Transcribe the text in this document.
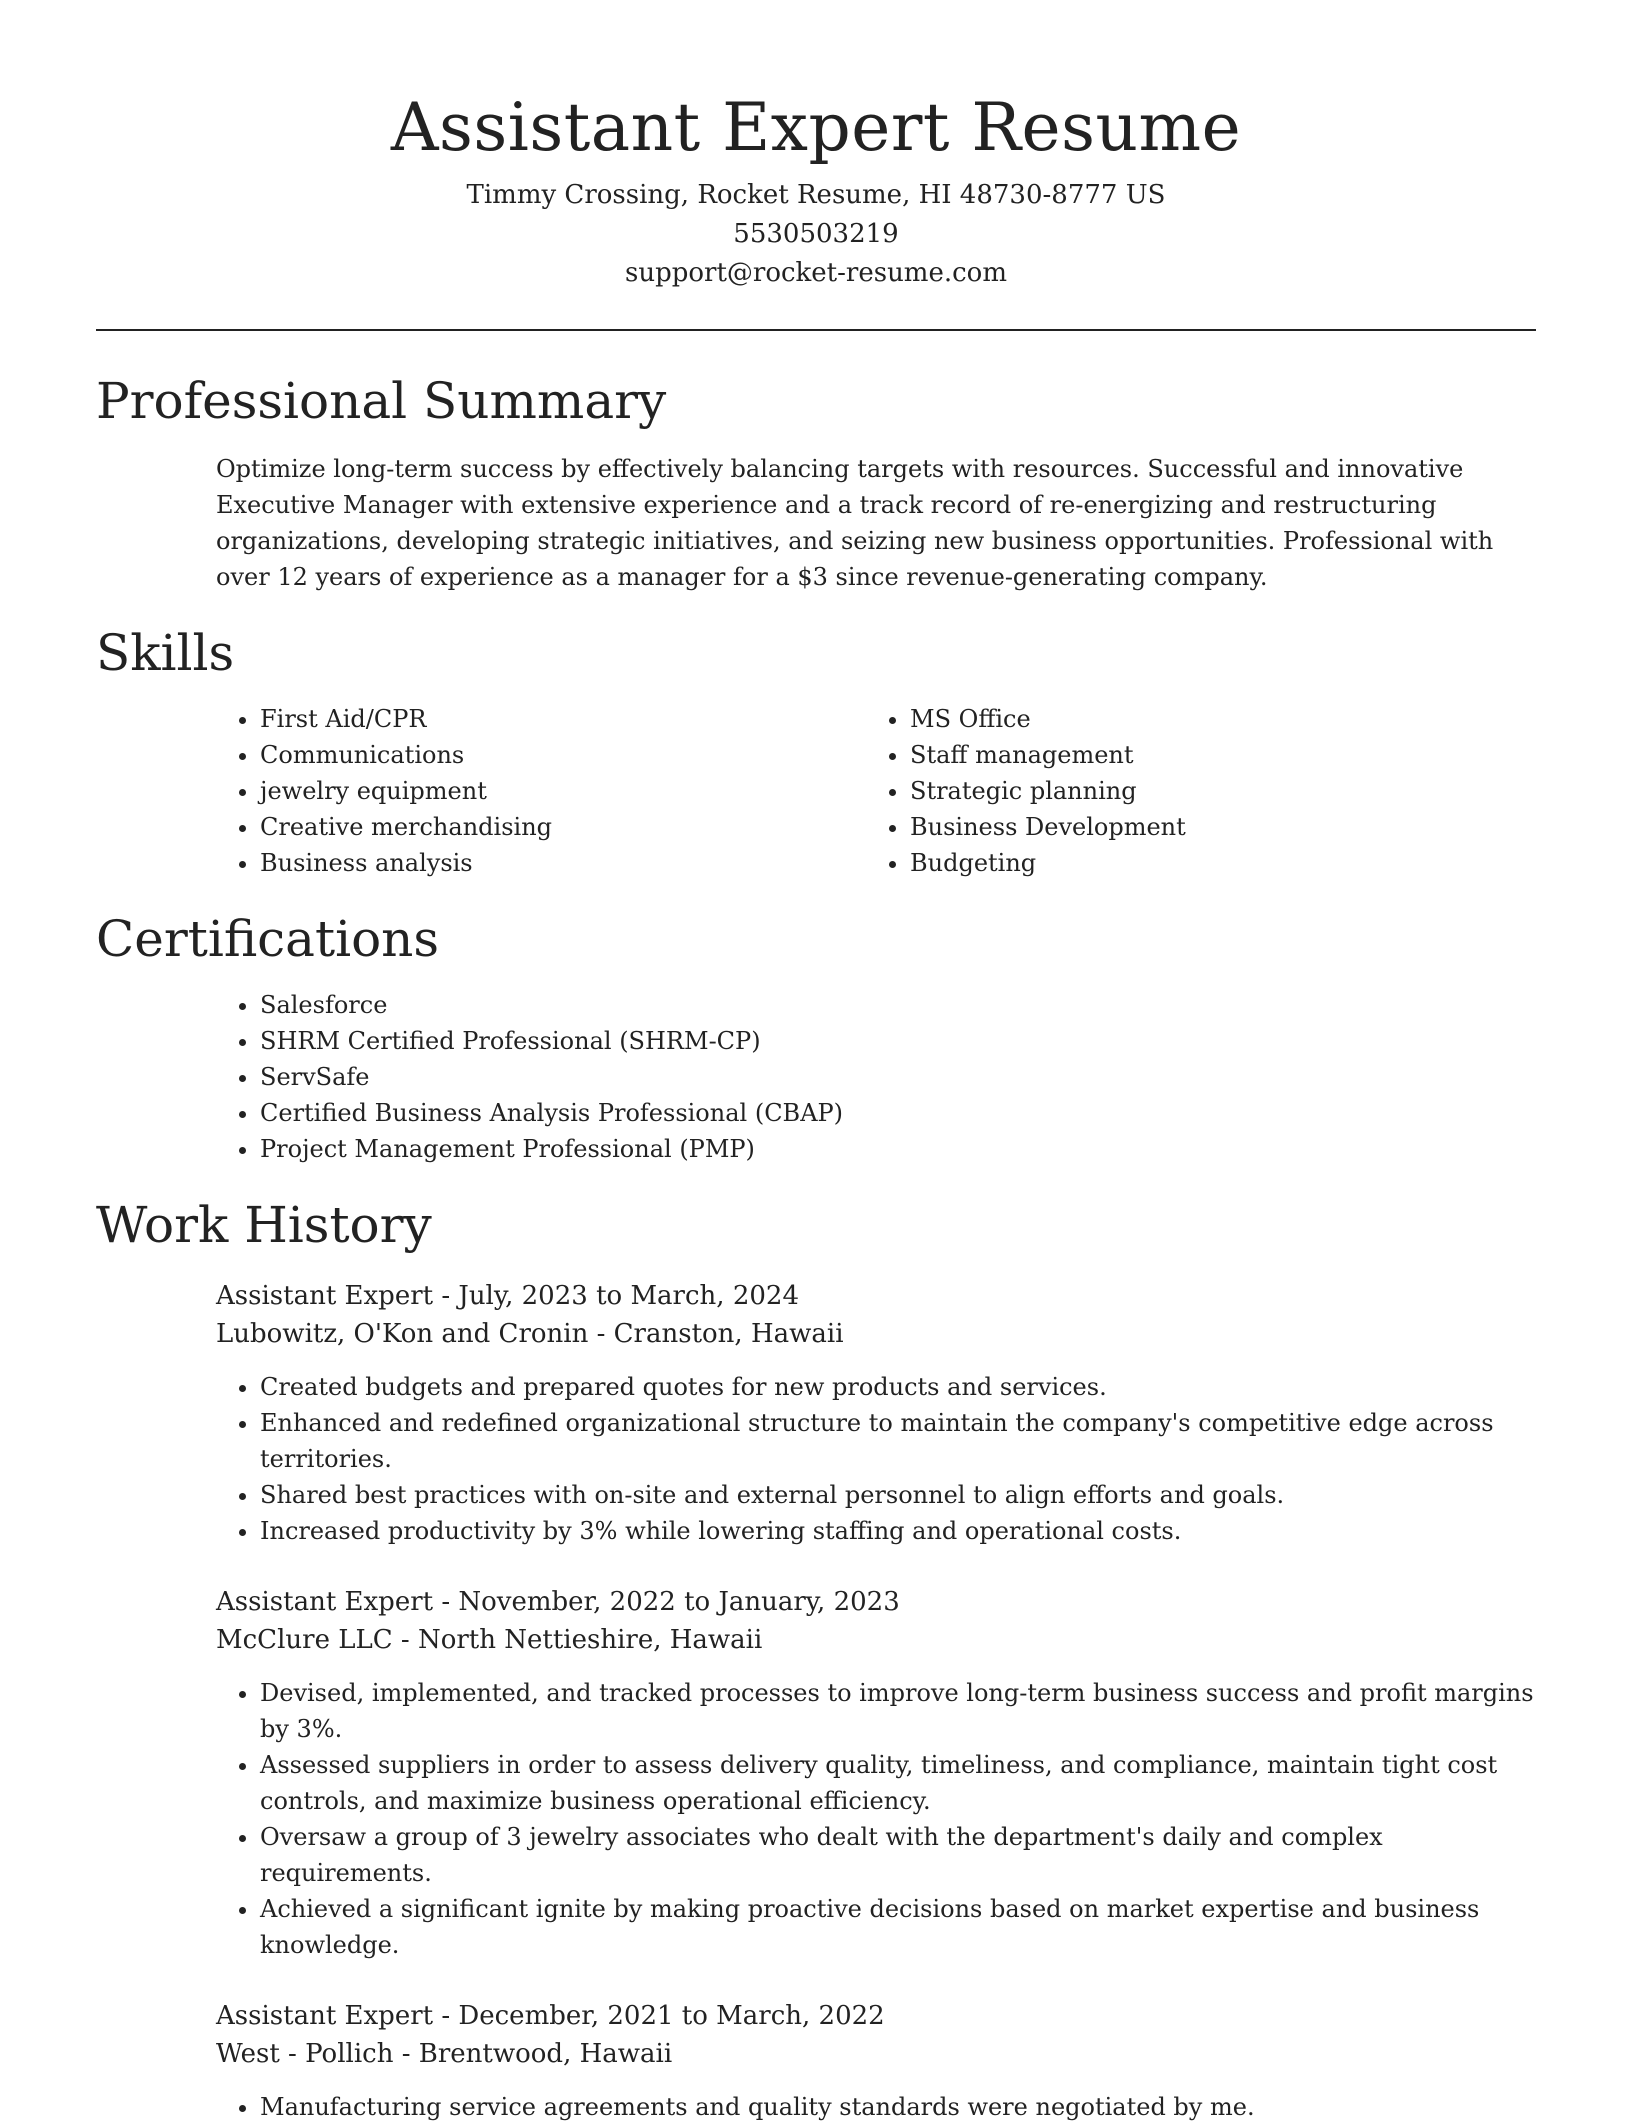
Assistant Expert Resume

Timmy Crossing, Rocket Resume, HI 48730-8777 US

5530503219

support@rocket-resume.com

Professional Summary

Optimize long-term success by effectively balancing targets with resources. Successful and innovative Executive Manager with extensive experience and a track record of re-energizing and restructuring organizations, developing strategic initiatives, and seizing new business opportunities. Professional with over 12 years of experience as a manager for a $3 since revenue-generating company.

Skills
• First Aid/CPR
• Communications
• jewelry equipment
• Creative merchandising
• Business analysis
• MS Office
• Staff management
• Strategic planning
• Business Development
• Budgeting
Certifications
• Salesforce
• SHRM Certified Professional (SHRM-CP)
• ServSafe
• Certified Business Analysis Professional (CBAP)
• Project Management Professional (PMP)
Work History

Assistant Expert - July, 2023 to March, 2024

Lubowitz, O'Kon and Cronin - Cranston, Hawaii

• Created budgets and prepared quotes for new products and services.
• Enhanced and redefined organizational structure to maintain the company's competitive edge across territories.
• Shared best practices with on-site and external personnel to align efforts and goals.
• Increased productivity by 3% while lowering staffing and operational costs.

Assistant Expert - November, 2022 to January, 2023

McClure LLC - North Nettieshire, Hawaii

• Devised, implemented, and tracked processes to improve long-term business success and profit margins by 3%.
• Assessed suppliers in order to assess delivery quality, timeliness, and compliance, maintain tight cost controls, and maximize business operational efficiency.
• Oversaw a group of 3 jewelry associates who dealt with the department's daily and complex requirements.
• Achieved a significant ignite by making proactive decisions based on market expertise and business knowledge.

Assistant Expert - December, 2021 to March, 2022

West - Pollich - Brentwood, Hawaii

• Manufacturing service agreements and quality standards were negotiated by me.
